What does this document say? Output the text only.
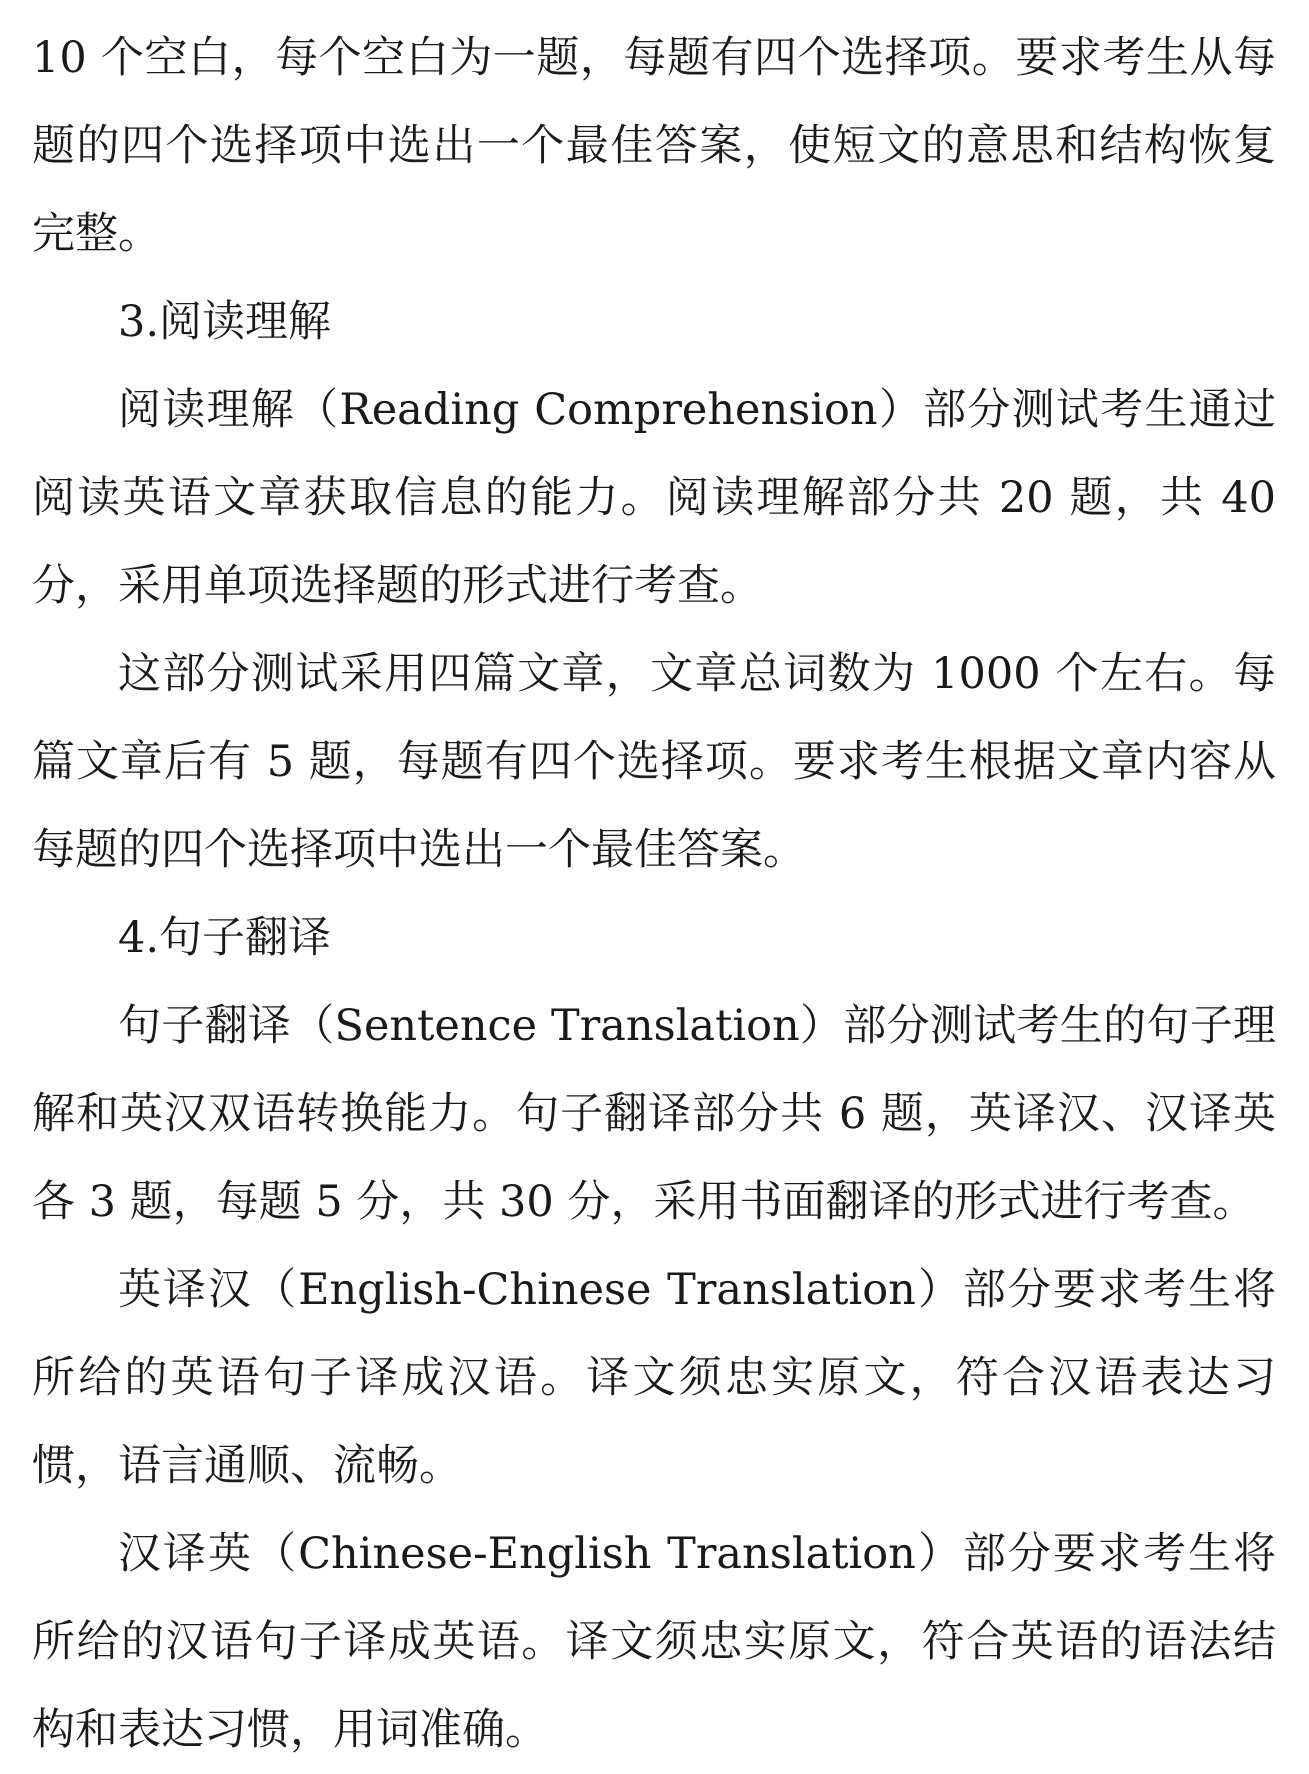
10 个空白，每个空白为一题，每题有四个选择项。要求考生从每题的四个选择项中选出一个最佳答案，使短文的意思和结构恢复完整。

3.阅读理解

阅读理解（Reading Comprehension）部分测试考生通过阅读英语文章获取信息的能力。阅读理解部分共 20 题，共 40 分，采用单项选择题的形式进行考查。

这部分测试采用四篇文章，文章总词数为 1000 个左右。每篇文章后有 5 题，每题有四个选择项。要求考生根据文章内容从每题的四个选择项中选出一个最佳答案。

4.句子翻译

句子翻译（Sentence Translation）部分测试考生的句子理解和英汉双语转换能力。句子翻译部分共 6 题，英译汉、汉译英各 3 题，每题 5 分，共 30 分，采用书面翻译的形式进行考查。

英译汉（English-Chinese Translation）部分要求考生将所给的英语句子译成汉语。译文须忠实原文，符合汉语表达习惯，语言通顺、流畅。

汉译英（Chinese-English Translation）部分要求考生将所给的汉语句子译成英语。译文须忠实原文，符合英语的语法结构和表达习惯，用词准确。
